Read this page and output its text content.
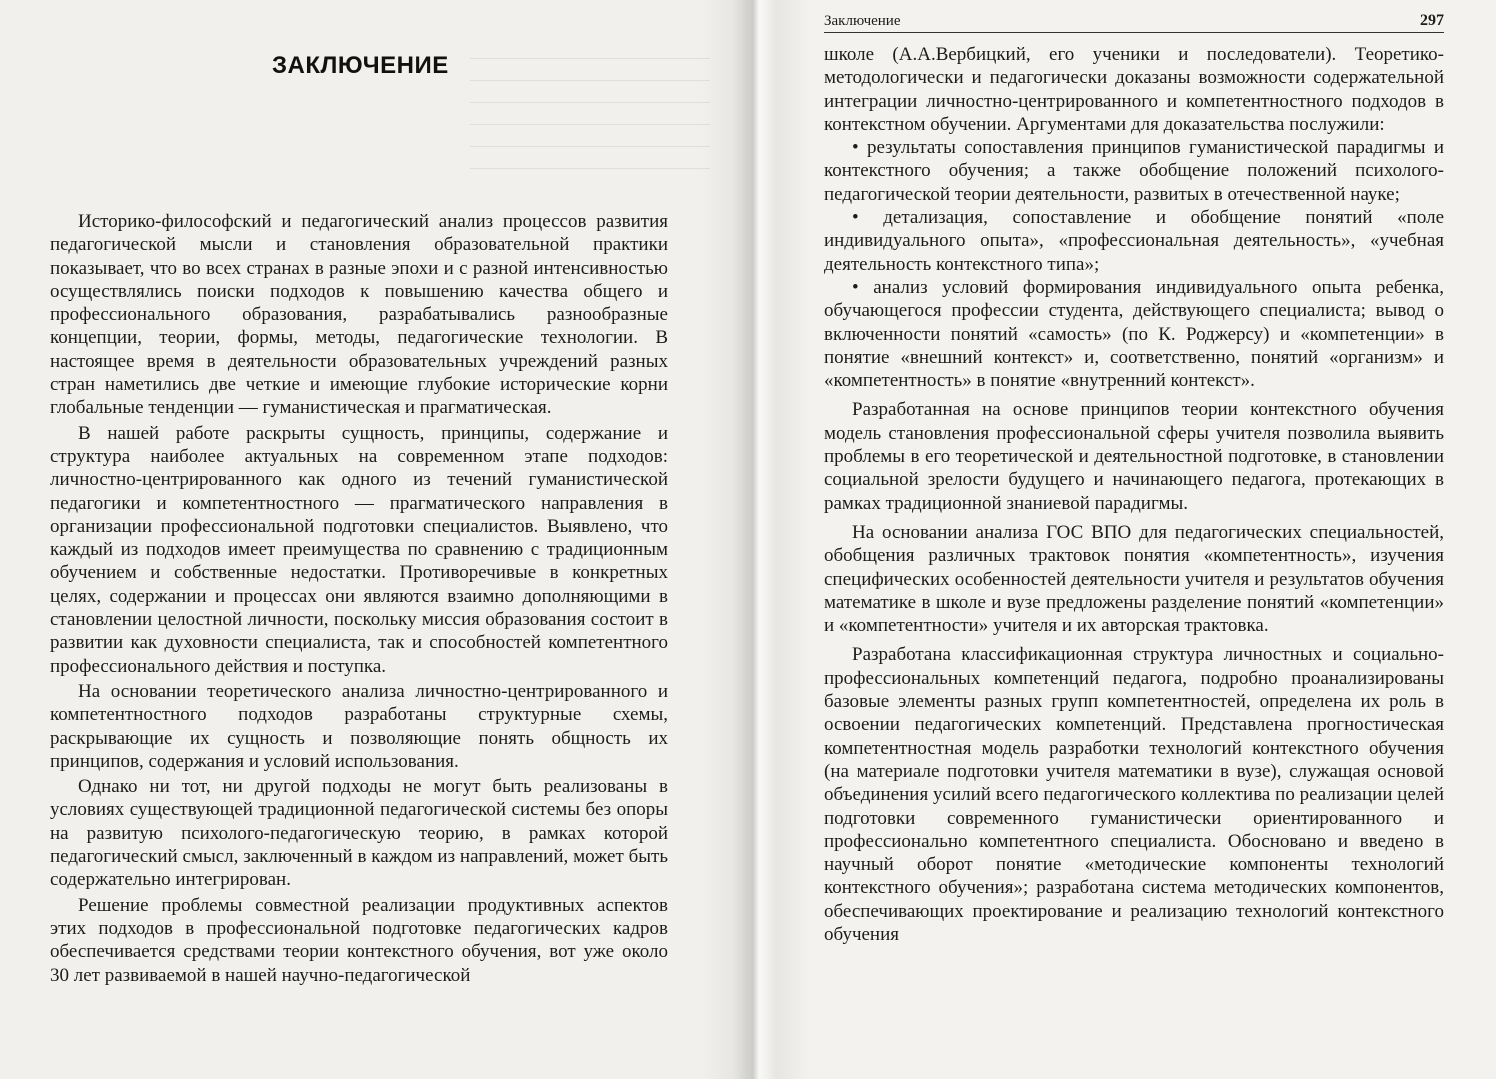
ЗАКЛЮЧЕНИЕ

Историко-философский и педагогический анализ процессов развития педагогической мысли и становления образовательной практики показывает, что во всех странах в разные эпохи и с разной интенсивностью осуществлялись поиски подходов к повышению качества общего и профессионального образования, разрабатывались разнообразные концепции, теории, формы, методы, педагогические технологии. В настоящее время в деятельности образовательных учреждений разных стран наметились две четкие и имеющие глубокие исторические корни глобальные тенденции — гуманистическая и прагматическая.

В нашей работе раскрыты сущность, принципы, содержание и структура наиболее актуальных на современном этапе подходов: личностно-центрированного как одного из течений гуманистической педагогики и компетентностного — прагматического направления в организации профессиональной подготовки специалистов. Выявлено, что каждый из подходов имеет преимущества по сравнению с традиционным обучением и собственные недостатки. Противоречивые в конкретных целях, содержании и процессах они являются взаимно дополняющими в становлении целостной личности, поскольку миссия образования состоит в развитии как духовности специалиста, так и способностей компетентного профессионального действия и поступка.

На основании теоретического анализа личностно-центрированного и компетентностного подходов разработаны структурные схемы, раскрывающие их сущность и позволяющие понять общность их принципов, содержания и условий использования.

Однако ни тот, ни другой подходы не могут быть реализованы в условиях существующей традиционной педагогической системы без опоры на развитую психолого-педагогическую теорию, в рамках которой педагогический смысл, заключенный в каждом из направлений, может быть содержательно интегрирован.

Решение проблемы совместной реализации продуктивных аспектов этих подходов в профессиональной подготовке педагогических кадров обеспечивается средствами теории контекстного обучения, вот уже около 30 лет развиваемой в нашей научно-педагогической

Заключение	297

школе (А.А.Вербицкий, его ученики и последователи). Теоретико-методологически и педагогически доказаны возможности содержательной интеграции личностно-центрированного и компетентностного подходов в контекстном обучении. Аргументами для доказательства послужили:

• результаты сопоставления принципов гуманистической парадигмы и контекстного обучения; а также обобщение положений психолого-педагогической теории деятельности, развитых в отечественной науке;

• детализация, сопоставление и обобщение понятий «поле индивидуального опыта», «профессиональная деятельность», «учебная деятельность контекстного типа»;

• анализ условий формирования индивидуального опыта ребенка, обучающегося профессии студента, действующего специалиста; вывод о включенности понятий «самость» (по К. Роджерсу) и «компетенции» в понятие «внешний контекст» и, соответственно, понятий «организм» и «компетентность» в понятие «внутренний контекст».

Разработанная на основе принципов теории контекстного обучения модель становления профессиональной сферы учителя позволила выявить проблемы в его теоретической и деятельностной подготовке, в становлении социальной зрелости будущего и начинающего педагога, протекающих в рамках традиционной знаниевой парадигмы.

На основании анализа ГОС ВПО для педагогических специальностей, обобщения различных трактовок понятия «компетентность», изучения специфических особенностей деятельности учителя и результатов обучения математике в школе и вузе предложены разделение понятий «компетенции» и «компетентности» учителя и их авторская трактовка.

Разработана классификационная структура личностных и социально-профессиональных компетенций педагога, подробно проанализированы базовые элементы разных групп компетентностей, определена их роль в освоении педагогических компетенций. Представлена прогностическая компетентностная модель разработки технологий контекстного обучения (на материале подготовки учителя математики в вузе), служащая основой объединения усилий всего педагогического коллектива по реализации целей подготовки современного гуманистически ориентированного и профессионально компетентного специалиста. Обосновано и введено в научный оборот понятие «методические компоненты технологий контекстного обучения»; разработана система методических компонентов, обеспечивающих проектирование и реализацию технологий контекстного обучения
